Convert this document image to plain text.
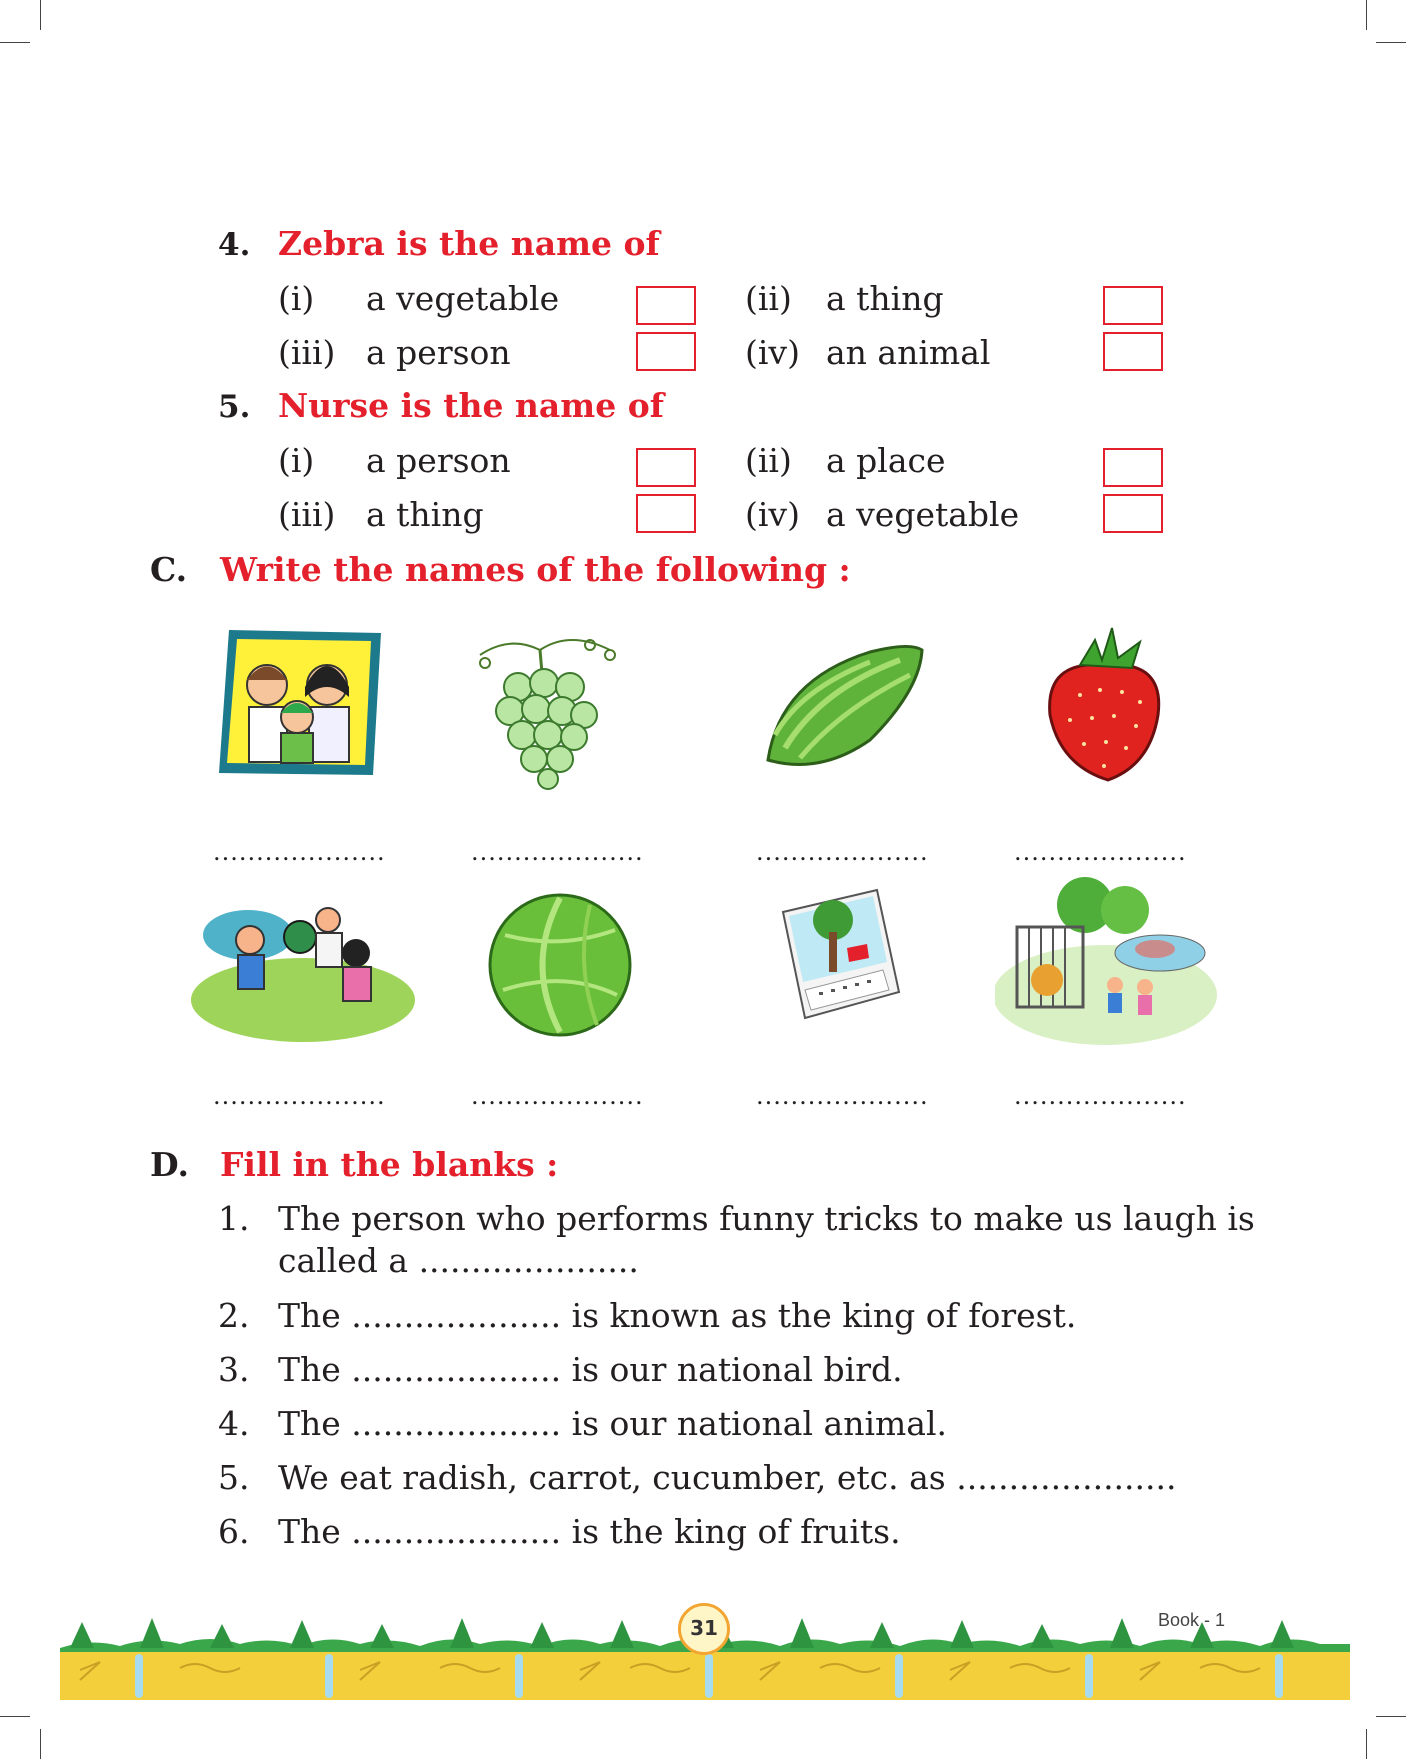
4. Zebra is the name of
(i) a vegetable	(ii) a thing
(iii) a person	(iv) an animal
5. Nurse is the name of
(i) a person	(ii) a place
(iii) a thing	(iv) a vegetable
C. Write the names of the following :
....................	....................	....................	....................
....................	....................	....................	....................
D. Fill in the blanks :
1. The person who performs funny tricks to make us laugh is
called a .....................
2. The .................... is known as the king of forest.
3. The .................... is our national bird.
4. The .................... is our national animal.
5. We eat radish, carrot, cucumber, etc. as .....................
6. The .................... is the king of fruits.
31	Book - 1
